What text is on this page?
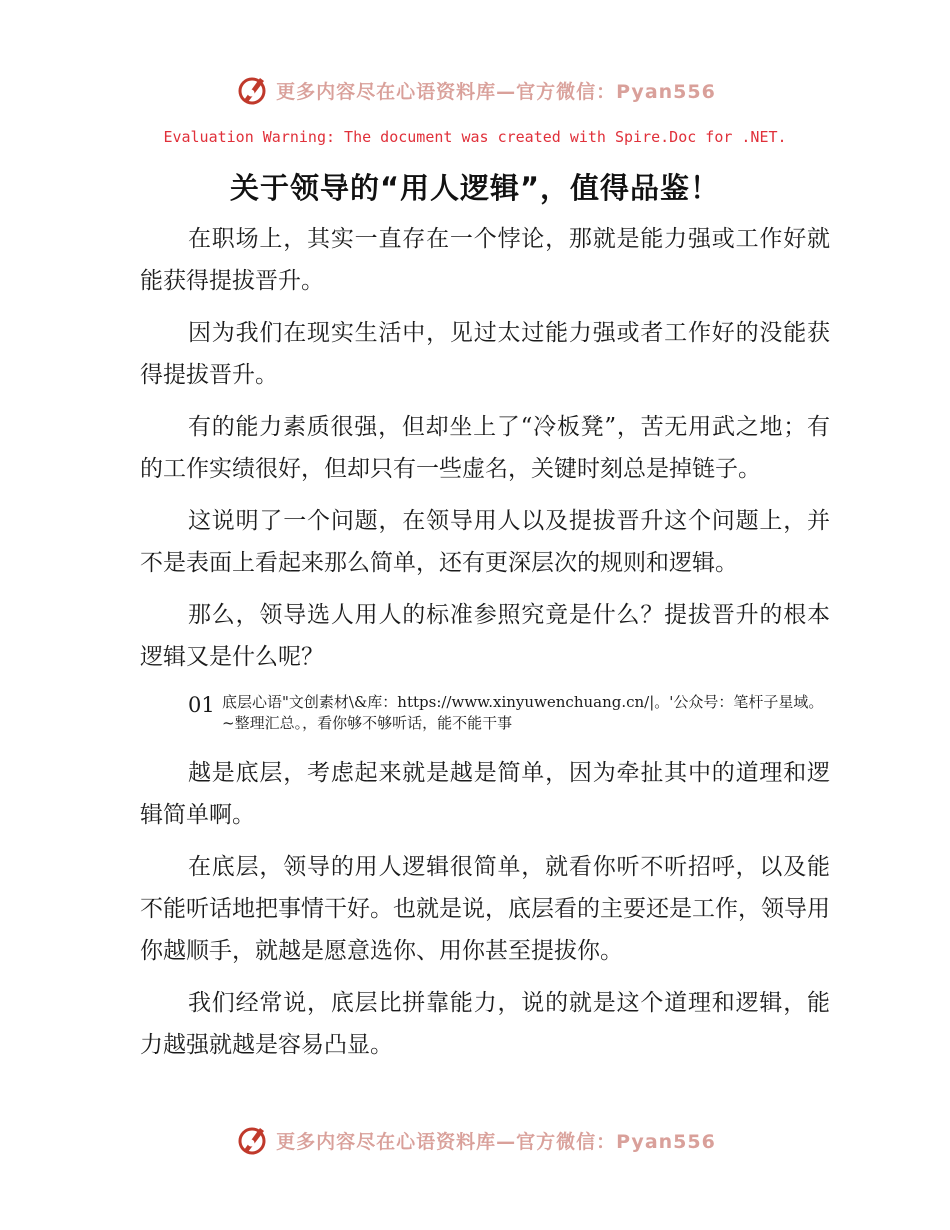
更多内容尽在心语资料库—官方微信：Pyan556
Evaluation Warning: The document was created with Spire.Doc for .NET.
关于领导的“用人逻辑”，值得品鉴！

在职场上，其实一直存在一个悖论，那就是能力强或工作好就能获得提拔晋升。

因为我们在现实生活中，见过太过能力强或者工作好的没能获得提拔晋升。

有的能力素质很强，但却坐上了“冷板凳”，苦无用武之地；有的工作实绩很好，但却只有一些虚名，关键时刻总是掉链子。

这说明了一个问题，在领导用人以及提拔晋升这个问题上，并不是表面上看起来那么简单，还有更深层次的规则和逻辑。

那么，领导选人用人的标准参照究竟是什么？提拔晋升的根本逻辑又是什么呢？

01 底层心语"文创素材\&库：https://www.xinyuwenchuang.cn/|。'公众号：笔杆子星域。~整理汇总。，看你够不够听话，能不能干事

越是底层，考虑起来就是越是简单，因为牵扯其中的道理和逻辑简单啊。

在底层，领导的用人逻辑很简单，就看你听不听招呼，以及能不能听话地把事情干好。也就是说，底层看的主要还是工作，领导用你越顺手，就越是愿意选你、用你甚至提拔你。

我们经常说，底层比拼靠能力，说的就是这个道理和逻辑，能力越强就越是容易凸显。

更多内容尽在心语资料库—官方微信：Pyan556
